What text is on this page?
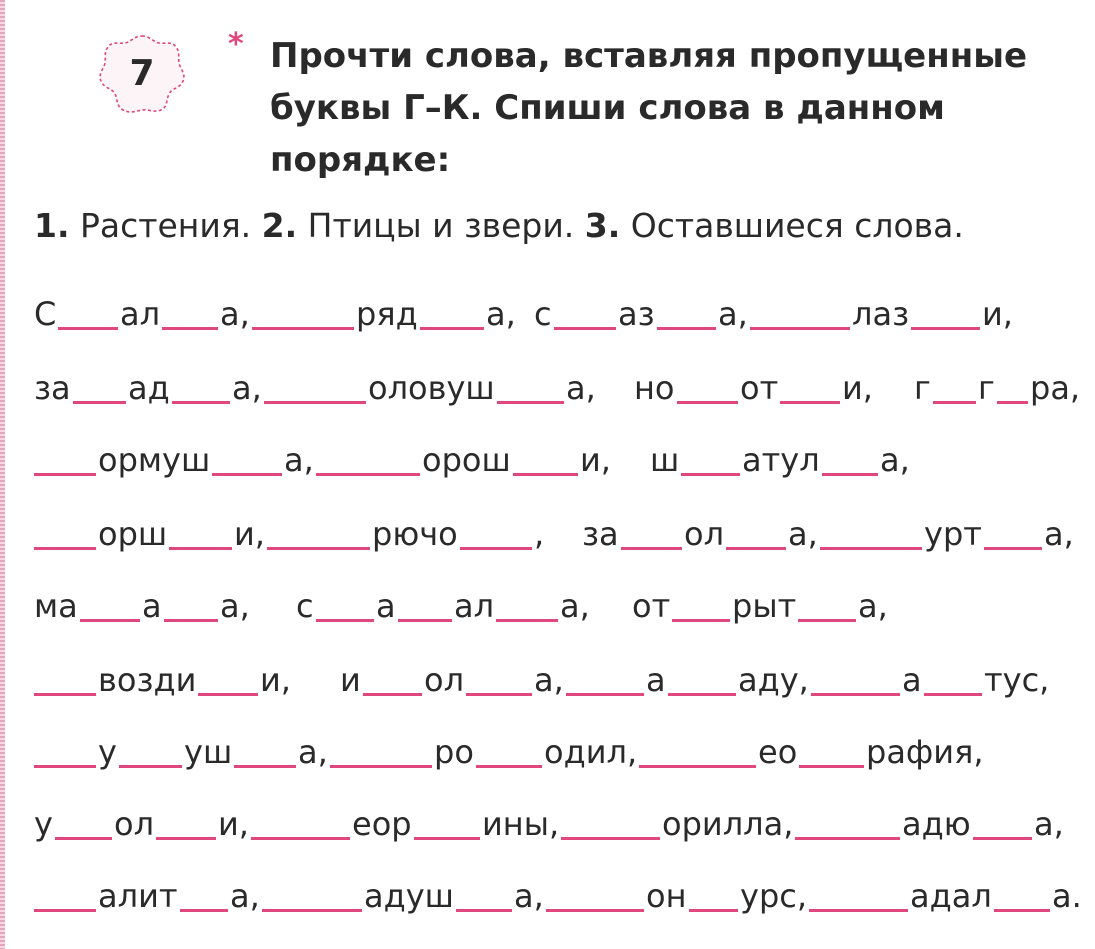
7
* Прочти слова, вставляя пропущенные буквы Г–К. Спиши слова в данном порядке:
1. Растения. 2. Птицы и звери. 3. Оставшиеся слова.
С ал а,	ряд а, с аз а,	лаз и,
за ад а,	оловуш а, но от и, г г ра,
ормуш а,	орош и, ш атул а,
орш и,	рючо , за ол а,	урт а,
ма а а, с а ал а, от рыт а,
возди и, и ол а,	а аду,	а тус,
у уш а,	ро одил,	ео рафия,
у ол и,	еор ины,	орилла,	адю а,
алит а,	адуш а,	он урс,	адал а.
